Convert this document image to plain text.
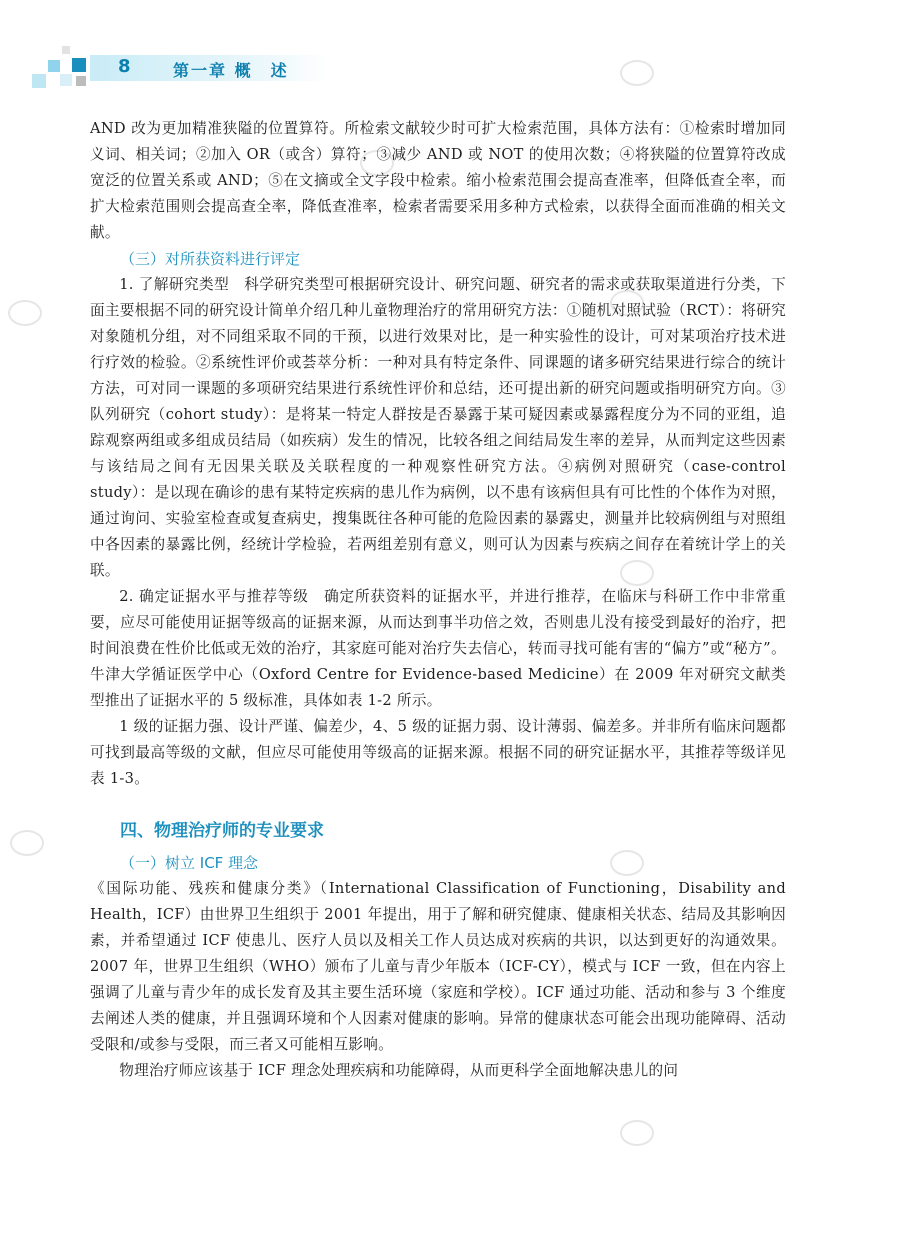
8	第一章 概　述

AND 改为更加精准狭隘的位置算符。所检索文献较少时可扩大检索范围，具体方法有：①检索时增加同义词、相关词；②加入 OR（或含）算符；③减少 AND 或 NOT 的使用次数；④将狭隘的位置算符改成宽泛的位置关系或 AND；⑤在文摘或全文字段中检索。缩小检索范围会提高查准率，但降低查全率，而扩大检索范围则会提高查全率，降低查准率，检索者需要采用多种方式检索，以获得全面而准确的相关文献。

（三）对所获资料进行评定

1. 了解研究类型　科学研究类型可根据研究设计、研究问题、研究者的需求或获取渠道进行分类，下面主要根据不同的研究设计简单介绍几种儿童物理治疗的常用研究方法：①随机对照试验（RCT）：将研究对象随机分组，对不同组采取不同的干预，以进行效果对比，是一种实验性的设计，可对某项治疗技术进行疗效的检验。②系统性评价或荟萃分析：一种对具有特定条件、同课题的诸多研究结果进行综合的统计方法，可对同一课题的多项研究结果进行系统性评价和总结，还可提出新的研究问题或指明研究方向。③队列研究（cohort study）：是将某一特定人群按是否暴露于某可疑因素或暴露程度分为不同的亚组，追踪观察两组或多组成员结局（如疾病）发生的情况，比较各组之间结局发生率的差异，从而判定这些因素与该结局之间有无因果关联及关联程度的一种观察性研究方法。④病例对照研究（case-control study）：是以现在确诊的患有某特定疾病的患儿作为病例，以不患有该病但具有可比性的个体作为对照，通过询问、实验室检查或复查病史，搜集既往各种可能的危险因素的暴露史，测量并比较病例组与对照组中各因素的暴露比例，经统计学检验，若两组差别有意义，则可认为因素与疾病之间存在着统计学上的关联。

2. 确定证据水平与推荐等级　确定所获资料的证据水平，并进行推荐，在临床与科研工作中非常重要，应尽可能使用证据等级高的证据来源，从而达到事半功倍之效，否则患儿没有接受到最好的治疗，把时间浪费在性价比低或无效的治疗，其家庭可能对治疗失去信心，转而寻找可能有害的“偏方”或“秘方”。牛津大学循证医学中心（Oxford Centre for Evidence-based Medicine）在 2009 年对研究文献类型推出了证据水平的 5 级标准，具体如表 1-2 所示。

1 级的证据力强、设计严谨、偏差少，4、5 级的证据力弱、设计薄弱、偏差多。并非所有临床问题都可找到最高等级的文献，但应尽可能使用等级高的证据来源。根据不同的研究证据水平，其推荐等级详见表 1-3。

四、物理治疗师的专业要求
（一）树立 ICF 理念

《国际功能、残疾和健康分类》（International Classification of Functioning，Disability and Health，ICF）由世界卫生组织于 2001 年提出，用于了解和研究健康、健康相关状态、结局及其影响因素，并希望通过 ICF 使患儿、医疗人员以及相关工作人员达成对疾病的共识，以达到更好的沟通效果。2007 年，世界卫生组织（WHO）颁布了儿童与青少年版本（ICF-CY），模式与 ICF 一致，但在内容上强调了儿童与青少年的成长发育及其主要生活环境（家庭和学校）。ICF 通过功能、活动和参与 3 个维度去阐述人类的健康，并且强调环境和个人因素对健康的影响。异常的健康状态可能会出现功能障碍、活动受限和/或参与受限，而三者又可能相互影响。

物理治疗师应该基于 ICF 理念处理疾病和功能障碍，从而更科学全面地解决患儿的问
